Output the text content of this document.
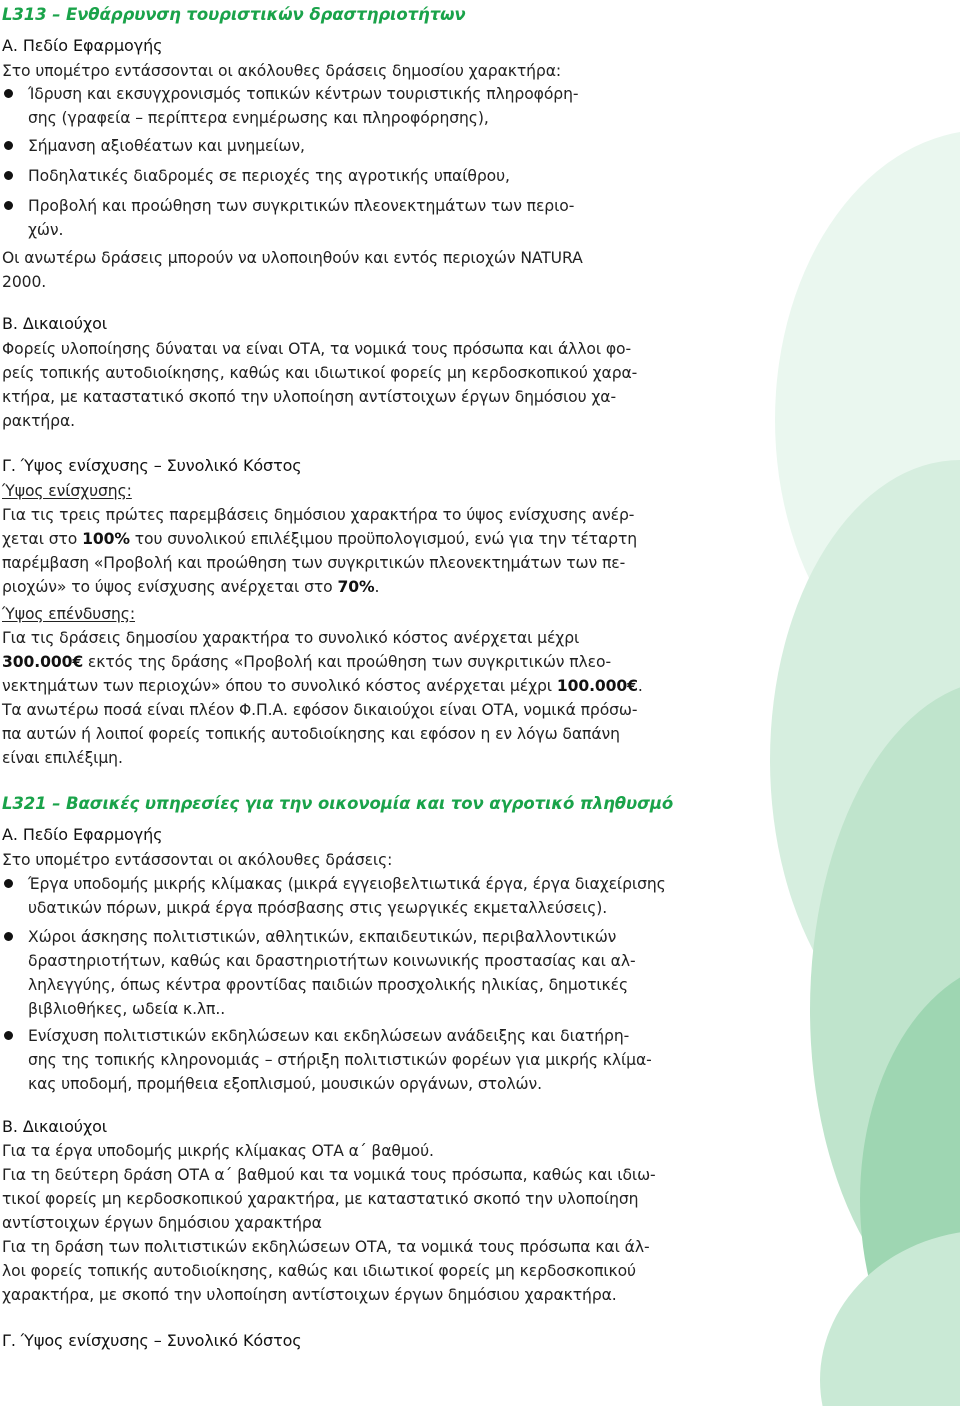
L313 – Ενθάρρυνση τουριστικών δραστηριοτήτων
Α. Πεδίο Εφαρμογής
Στο υπομέτρο εντάσσονται οι ακόλουθες δράσεις δημοσίου χαρακτήρα:
Ίδρυση και εκσυγχρονισμός τοπικών κέντρων τουριστικής πληροφόρη-
σης (γραφεία – περίπτερα ενημέρωσης και πληροφόρησης),
Σήμανση αξιοθέατων και μνημείων,
Ποδηλατικές διαδρομές σε περιοχές της αγροτικής υπαίθρου,
Προβολή και προώθηση των συγκριτικών πλεονεκτημάτων των περιο-
χών.
Οι ανωτέρω δράσεις μπορούν να υλοποιηθούν και εντός περιοχών NATURA
2000.
Β. Δικαιούχοι
Φορείς υλοποίησης δύναται να είναι ΟΤΑ, τα νομικά τους πρόσωπα και άλλοι φο-
ρείς τοπικής αυτοδιοίκησης, καθώς και ιδιωτικοί φορείς μη κερδοσκοπικού χαρα-
κτήρα, με καταστατικό σκοπό την υλοποίηση αντίστοιχων έργων δημόσιου χα-
ρακτήρα.
Γ. Ύψος ενίσχυσης – Συνολικό Κόστος
Ύψος ενίσχυσης:
Για τις τρεις πρώτες παρεμβάσεις δημόσιου χαρακτήρα το ύψος ενίσχυσης ανέρ-
χεται στο 100% του συνολικού επιλέξιμου προϋπολογισμού, ενώ για την τέταρτη
παρέμβαση «Προβολή και προώθηση των συγκριτικών πλεονεκτημάτων των πε-
ριοχών» το ύψος ενίσχυσης ανέρχεται στο 70%.
Ύψος επένδυσης:
Για τις δράσεις δημοσίου χαρακτήρα το συνολικό κόστος ανέρχεται μέχρι
300.000€ εκτός της δράσης «Προβολή και προώθηση των συγκριτικών πλεο-
νεκτημάτων των περιοχών» όπου το συνολικό κόστος ανέρχεται μέχρι 100.000€.
Τα ανωτέρω ποσά είναι πλέον Φ.Π.Α. εφόσον δικαιούχοι είναι ΟΤΑ, νομικά πρόσω-
πα αυτών ή λοιποί φορείς τοπικής αυτοδιοίκησης και εφόσον η εν λόγω δαπάνη
είναι επιλέξιμη.
L321 – Βασικές υπηρεσίες για την οικονομία και τον αγροτικό πληθυσμό
Α. Πεδίο Εφαρμογής
Στο υπομέτρο εντάσσονται οι ακόλουθες δράσεις:
Έργα υποδομής μικρής κλίμακας (μικρά εγγειοβελτιωτικά έργα, έργα διαχείρισης
υδατικών πόρων, μικρά έργα πρόσβασης στις γεωργικές εκμεταλλεύσεις).
Χώροι άσκησης πολιτιστικών, αθλητικών, εκπαιδευτικών, περιβαλλοντικών
δραστηριοτήτων, καθώς και δραστηριοτήτων κοινωνικής προστασίας και αλ-
ληλεγγύης, όπως κέντρα φροντίδας παιδιών προσχολικής ηλικίας, δημοτικές
βιβλιοθήκες, ωδεία κ.λπ..
Ενίσχυση πολιτιστικών εκδηλώσεων και εκδηλώσεων ανάδειξης και διατήρη-
σης της τοπικής κληρονομιάς – στήριξη πολιτιστικών φορέων για μικρής κλίμα-
κας υποδομή, προμήθεια εξοπλισμού, μουσικών οργάνων, στολών.
Β. Δικαιούχοι
Για τα έργα υποδομής μικρής κλίμακας ΟΤΑ α΄ βαθμού.
Για τη δεύτερη δράση ΟΤΑ α΄ βαθμού και τα νομικά τους πρόσωπα, καθώς και ιδιω-
τικοί φορείς μη κερδοσκοπικού χαρακτήρα, με καταστατικό σκοπό την υλοποίηση
αντίστοιχων έργων δημόσιου χαρακτήρα
Για τη δράση των πολιτιστικών εκδηλώσεων ΟΤΑ, τα νομικά τους πρόσωπα και άλ-
λοι φορείς τοπικής αυτοδιοίκησης, καθώς και ιδιωτικοί φορείς μη κερδοσκοπικού
χαρακτήρα, με σκοπό την υλοποίηση αντίστοιχων έργων δημόσιου χαρακτήρα.
Γ. Ύψος ενίσχυσης – Συνολικό Κόστος
